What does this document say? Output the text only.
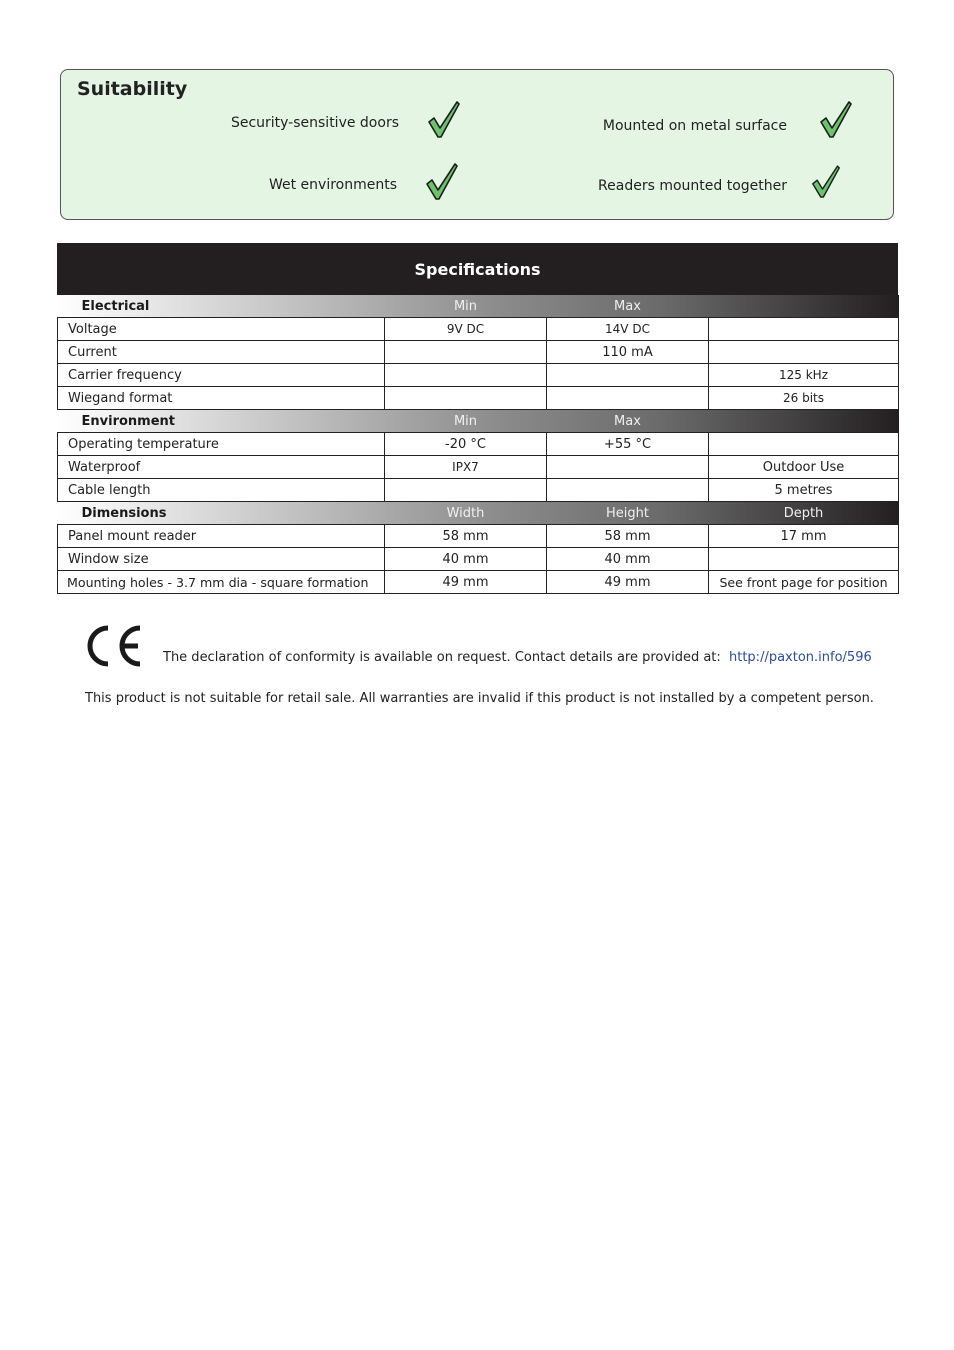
Suitability
Security-sensitive doors
Wet environments
Mounted on metal surface
Readers mounted together
Specifications
Electrical	Min	Max	
Voltage	9V DC	14V DC	
Current		110 mA	
Carrier frequency			125 kHz
Wiegand format			26 bits
Environment	Min	Max	
Operating temperature	-20 °C	+55 °C	
Waterproof	IPX7		Outdoor Use
Cable length			5 metres
Dimensions	Width	Height	Depth
Panel mount reader	58 mm	58 mm	17 mm
Window size	40 mm	40 mm	
Mounting holes - 3.7 mm dia - square formation	49 mm	49 mm	See front page for position
The declaration of conformity is available on request. Contact details are provided at: http://paxton.info/596
This product is not suitable for retail sale. All warranties are invalid if this product is not installed by a competent person.
